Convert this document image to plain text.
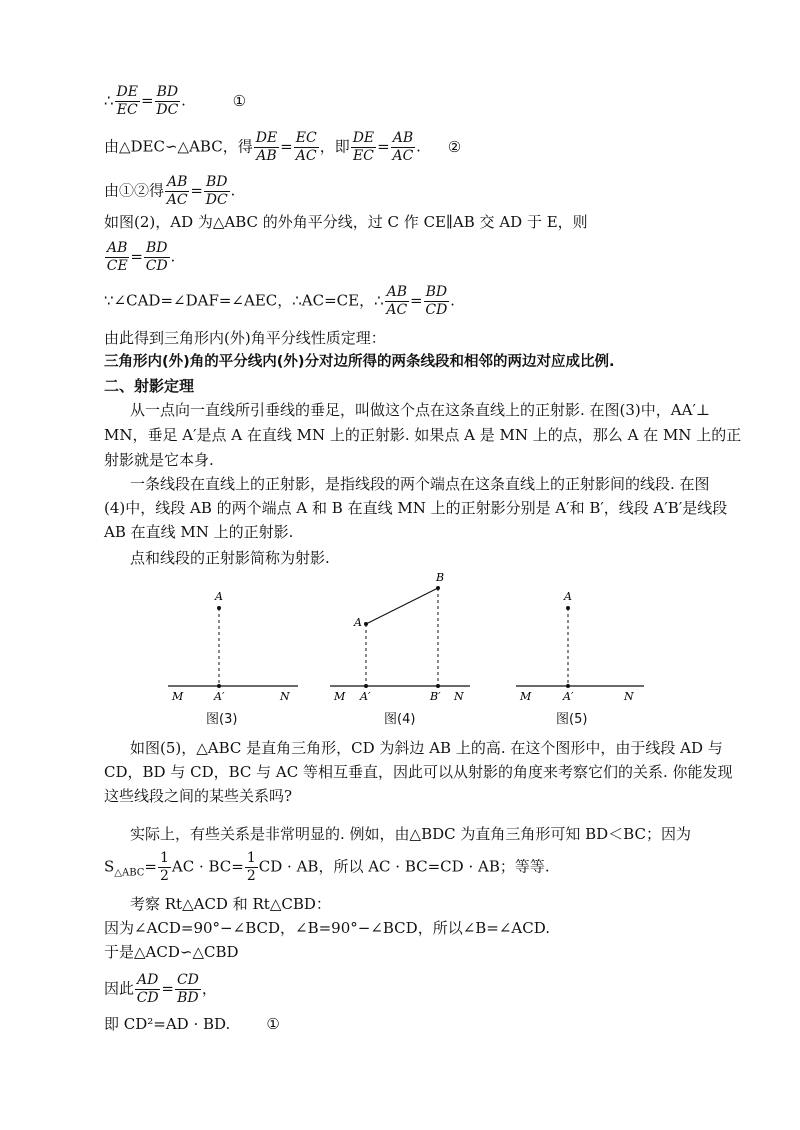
∴ $\frac{DE}{EC} = \frac{BD}{DC}$ .	①
由△DEC∽△ABC，得 $\frac{DE}{AB} = \frac{EC}{AC}$ ，即 $\frac{DE}{EC} = \frac{AB}{AC}$ . ②
由①②得 $\frac{AB}{AC} = \frac{BD}{DC}$ .
如图(2)，AD 为△ABC 的外角平分线，过 C 作 CE∥AB 交 AD 于 E，则
$\frac{AB}{CE} = \frac{BD}{CD}$ .
∵∠CAD=∠DAF=∠AEC，∴AC=CE，∴ $\frac{AB}{AC} = \frac{BD}{CD}$ .
由此得到三角形内(外)角平分线性质定理：
三角形内(外)角的平分线内(外)分对边所得的两条线段和相邻的两边对应成比例.
二、射影定理
从一点向一直线所引垂线的垂足，叫做这个点在这条直线上的正射影. 在图(3)中，AA′⊥
MN，垂足 A′是点 A 在直线 MN 上的正射影. 如果点 A 是 MN 上的点，那么 A 在 MN 上的正
射影就是它本身.
一条线段在直线上的正射影，是指线段的两个端点在这条直线上的正射影间的线段. 在图
(4)中，线段 AB 的两个端点 A 和 B 在直线 MN 上的正射影分别是 A′和 B′，线段 A′B′是线段
AB 在直线 MN 上的正射影.
点和线段的正射影简称为射影.
A
A′
M	N
图(3)
A
B
A′	B′
M	N
图(4)
A
A′
M	N
图(5)
如图(5)，△ABC 是直角三角形，CD 为斜边 AB 上的高. 在这个图形中，由于线段 AD 与
CD，BD 与 CD，BC 与 AC 等相互垂直，因此可以从射影的角度来考察它们的关系. 你能发现
这些线段之间的某些关系吗?
实际上，有些关系是非常明显的. 例如，由△BDC 为直角三角形可知 BD＜BC；因为
$S_{\triangle ABC}= \frac{1}{2}$ AC · $BC= \frac{1}{2}$ CD · AB，所以 AC · BC=CD · AB；等等.
考察 Rt△ACD 和 Rt△CBD：
因为∠ACD=90°−∠BCD，∠B=90°−∠BCD，所以∠B=∠ACD.
于是△ACD∽△CBD
因此 $\frac{AD}{CD} = \frac{CD}{BD}$ ，
即 CD²=AD · BD. ①
